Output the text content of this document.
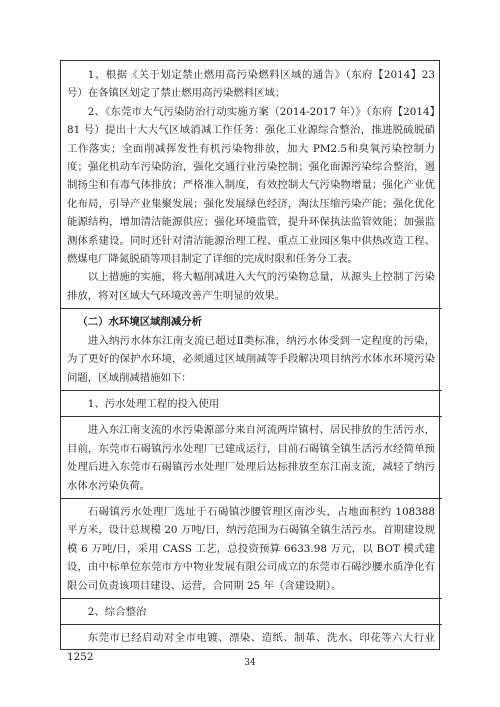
1、根据《关于划定禁止燃用高污染燃料区域的通告》（东府【2014】23 号）在各镇区划定了禁止燃用高污染燃料区域；

2、《东莞市大气污染防治行动实施方案（2014-2017 年）》（东府【2014】81 号）提出十大大气区域消减工作任务：强化工业源综合整治，推进脱硫脱硝工作落实；全面削减挥发性有机污染物排放，加大 PM2.5和臭氧污染控制力度；强化机动车污染防治，强化交通行业污染控制；强化面源污染综合整治，遏制扬尘和有毒气体排放；严格准入制度，有效控制大气污染物增量；强化产业优化布局，引导产业集聚发展；强化发展绿色经济，淘汰压缩污染产能；强化优化能源结构，增加清洁能源供应；强化环境监管，提升环保执法监管效能；加强监测体系建设。同时还针对清洁能源治理工程、重点工业园区集中供热改造工程、燃煤电厂降氮脱硝等项目制定了详细的完成时限和任务分工表。

以上措施的实施，将大幅削减进入大气的污染物总量，从源头上控制了污染排放，将对区域大气环境改善产生明显的效果。

（二）水环境区域削减分析

进入纳污水体东江南支流已超过Ⅱ类标准，纳污水体受到一定程度的污染，为了更好的保护水环境，必须通过区域削减等手段解决项目纳污水体水环境污染问题，区域削减措施如下：

1、污水处理工程的投入使用

进入东江南支流的水污染源部分来自河流两岸镇村、居民排放的生活污水，目前，东莞市石碣镇污水处理厂已建成运行，目前石碣镇全镇生活污水经简单预处理后进入东莞市石碣镇污水处理厂处理后达标排放至东江南支流，减轻了纳污水体水污染负荷。

石碣镇污水处理厂选址于石碣镇沙腰管理区南沙头，占地面积约 108388 平方米，设计总规模 20 万吨/日，纳污范围为石碣镇全镇生活污水。首期建设规模 6 万吨/日，采用 CASS 工艺，总投资预算 6633.98 万元，以 BOT 模式建设，由中标单位东莞市方中物业发展有限公司成立的东莞市石碣沙腰水质净化有限公司负责该项目建设、运营，合同期 25 年（含建设期）。

2、综合整治

东莞市已经启动对全市电镀、漂染、造纸、制革、洗水、印花等六大行业 1252

34
